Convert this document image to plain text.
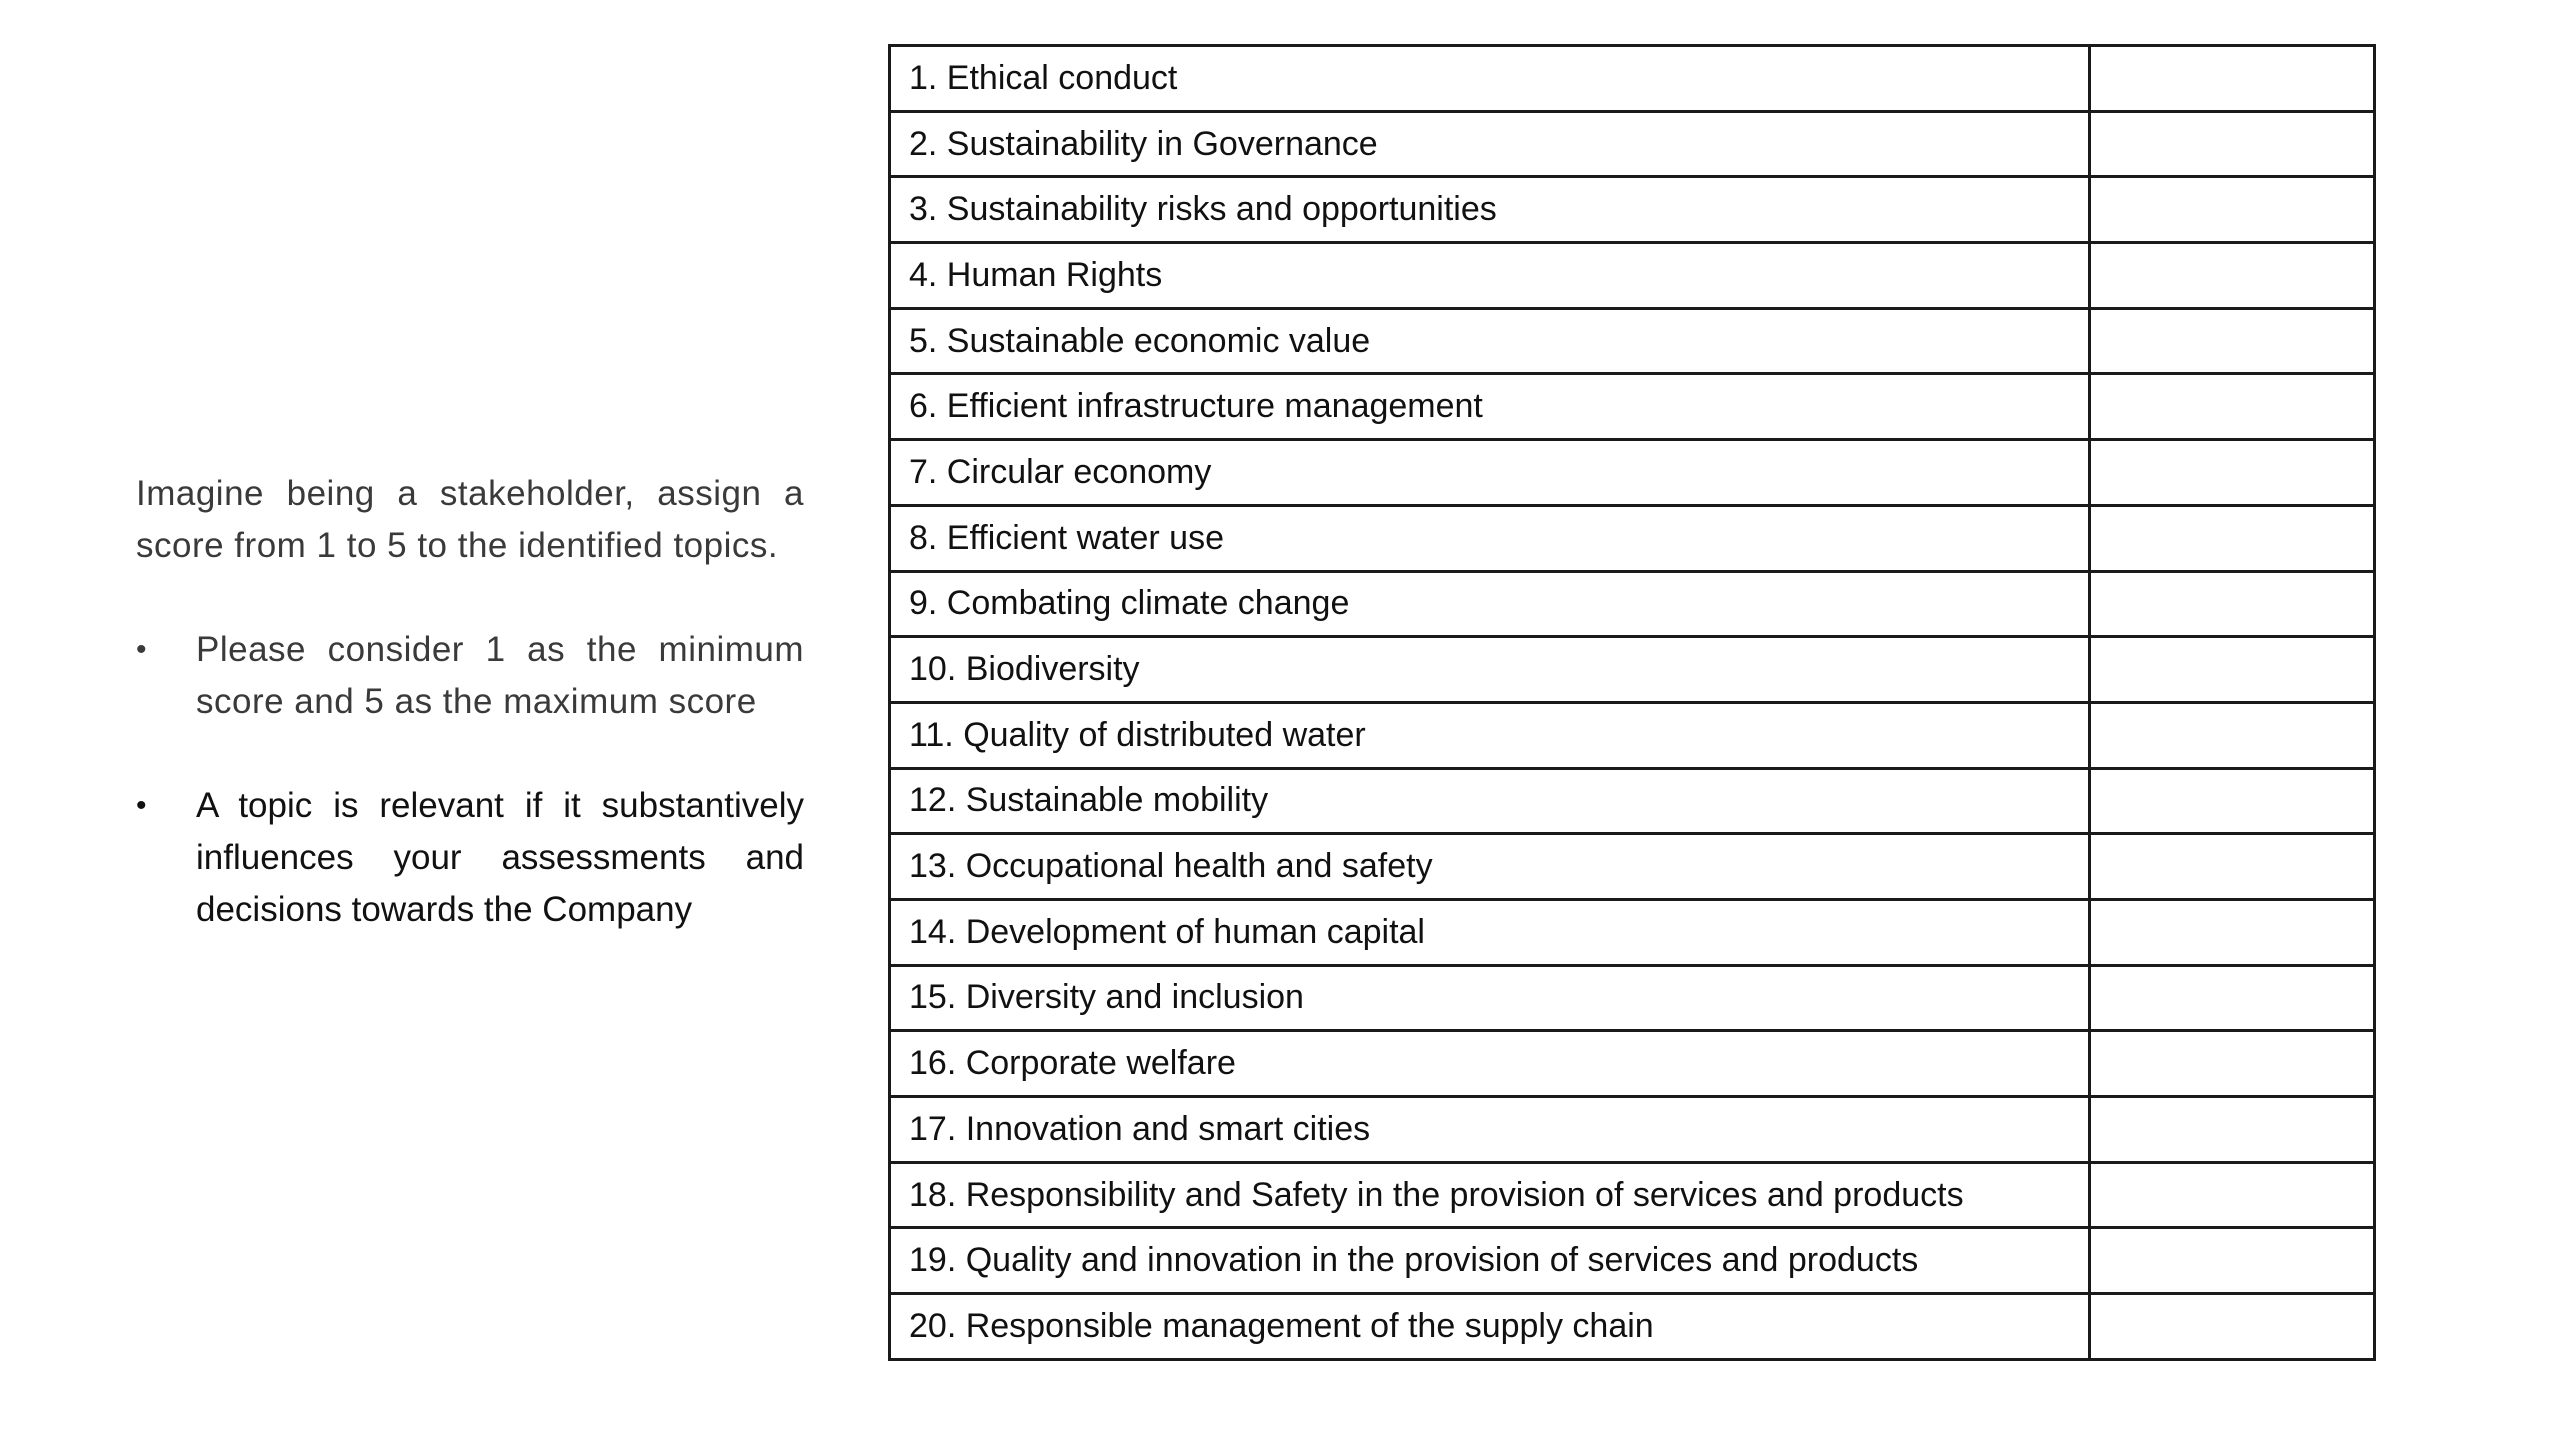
Imagine being a stakeholder, assign a score from 1 to 5 to the identified topics.

• Please consider 1 as the minimum score and 5 as the maximum score
• A topic is relevant if it substantively influences your assessments and decisions towards the Company
1. Ethical conduct	
2. Sustainability in Governance	
3. Sustainability risks and opportunities	
4. Human Rights	
5. Sustainable economic value	
6. Efficient infrastructure management	
7. Circular economy	
8. Efficient water use	
9. Combating climate change	
10. Biodiversity	
11. Quality of distributed water	
12. Sustainable mobility	
13. Occupational health and safety	
14. Development of human capital	
15. Diversity and inclusion	
16. Corporate welfare	
17. Innovation and smart cities	
18. Responsibility and Safety in the provision of services and products	
19. Quality and innovation in the provision of services and products	
20. Responsible management of the supply chain	
